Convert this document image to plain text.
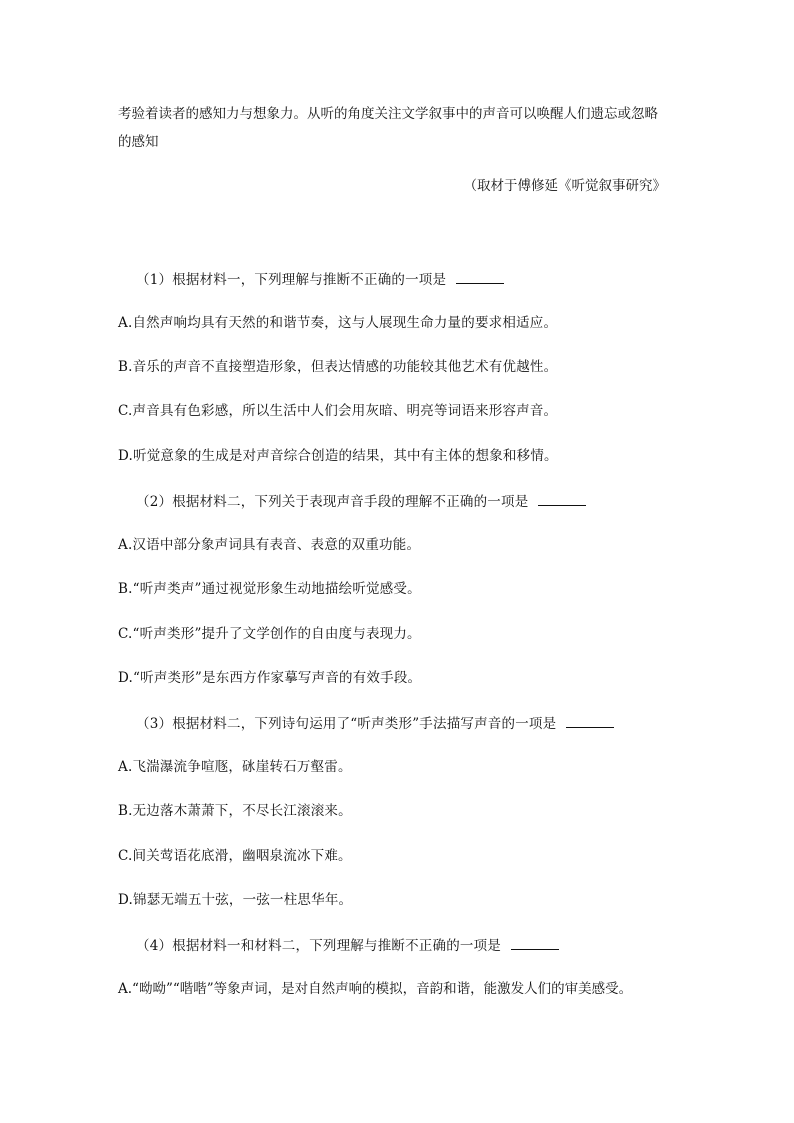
考验着读者的感知力与想象力。从听的角度关注文学叙事中的声音可以唤醒人们遗忘或忽略
的感知
（取材于傅修延《听觉叙事研究》
（1）根据材料一，下列理解与推断不正确的一项是
A.自然声响均具有天然的和谐节奏，这与人展现生命力量的要求相适应。
B.音乐的声音不直接塑造形象，但表达情感的功能较其他艺术有优越性。
C.声音具有色彩感，所以生活中人们会用灰暗、明亮等词语来形容声音。
D.听觉意象的生成是对声音综合创造的结果，其中有主体的想象和移情。
（2）根据材料二，下列关于表现声音手段的理解不正确的一项是
A.汉语中部分象声词具有表音、表意的双重功能。
B.“听声类声”通过视觉形象生动地描绘听觉感受。
C.“听声类形”提升了文学创作的自由度与表现力。
D.“听声类形”是东西方作家摹写声音的有效手段。
（3）根据材料二，下列诗句运用了“听声类形”手法描写声音的一项是
A.飞湍瀑流争喧豗，砯崖转石万壑雷。
B.无边落木萧萧下，不尽长江滚滚来。
C.间关莺语花底滑，幽咽泉流冰下难。
D.锦瑟无端五十弦，一弦一柱思华年。
（4）根据材料一和材料二，下列理解与推断不正确的一项是
A.“呦呦”“喈喈”等象声词，是对自然声响的模拟，音韵和谐，能激发人们的审美感受。
